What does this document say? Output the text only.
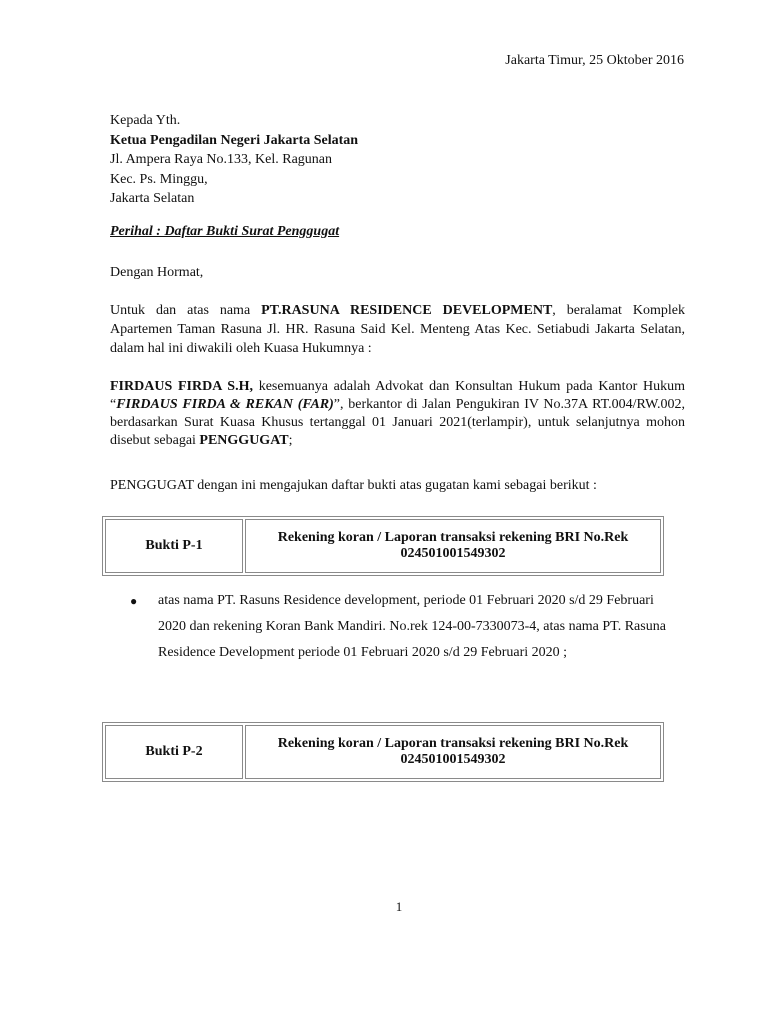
Jakarta Timur, 25 Oktober 2016
Kepada Yth.
Ketua Pengadilan Negeri Jakarta Selatan
Jl. Ampera Raya No.133, Kel. Ragunan
Kec. Ps. Minggu,
Jakarta Selatan
Perihal : Daftar Bukti Surat Penggugat
Dengan Hormat,
Untuk dan atas nama PT.RASUNA RESIDENCE DEVELOPMENT, beralamat Komplek Apartemen Taman Rasuna Jl. HR. Rasuna Said Kel. Menteng Atas Kec. Setiabudi Jakarta Selatan, dalam hal ini diwakili oleh Kuasa Hukumnya :
FIRDAUS FIRDA S.H, kesemuanya adalah Advokat dan Konsultan Hukum pada Kantor Hukum “FIRDAUS FIRDA & REKAN (FAR)”, berkantor di Jalan Pengukiran IV No.37A RT.004/RW.002, berdasarkan Surat Kuasa Khusus tertanggal 01 Januari 2021(terlampir), untuk selanjutnya mohon disebut sebagai PENGGUGAT;
PENGGUGAT dengan ini mengajukan daftar bukti atas gugatan kami sebagai berikut :
Bukti P-1
Rekening koran / Laporan transaksi rekening BRI No.Rek 024501001549302
●	atas nama PT. Rasuns Residence development, periode 01 Februari 2020 s/d 29 Februari 2020 dan rekening Koran Bank Mandiri. No.rek 124-00-7330073-4, atas nama PT. Rasuna Residence Development periode 01 Februari 2020 s/d 29 Februari 2020 ;
Bukti P-2
Rekening koran / Laporan transaksi rekening BRI No.Rek 024501001549302
1
